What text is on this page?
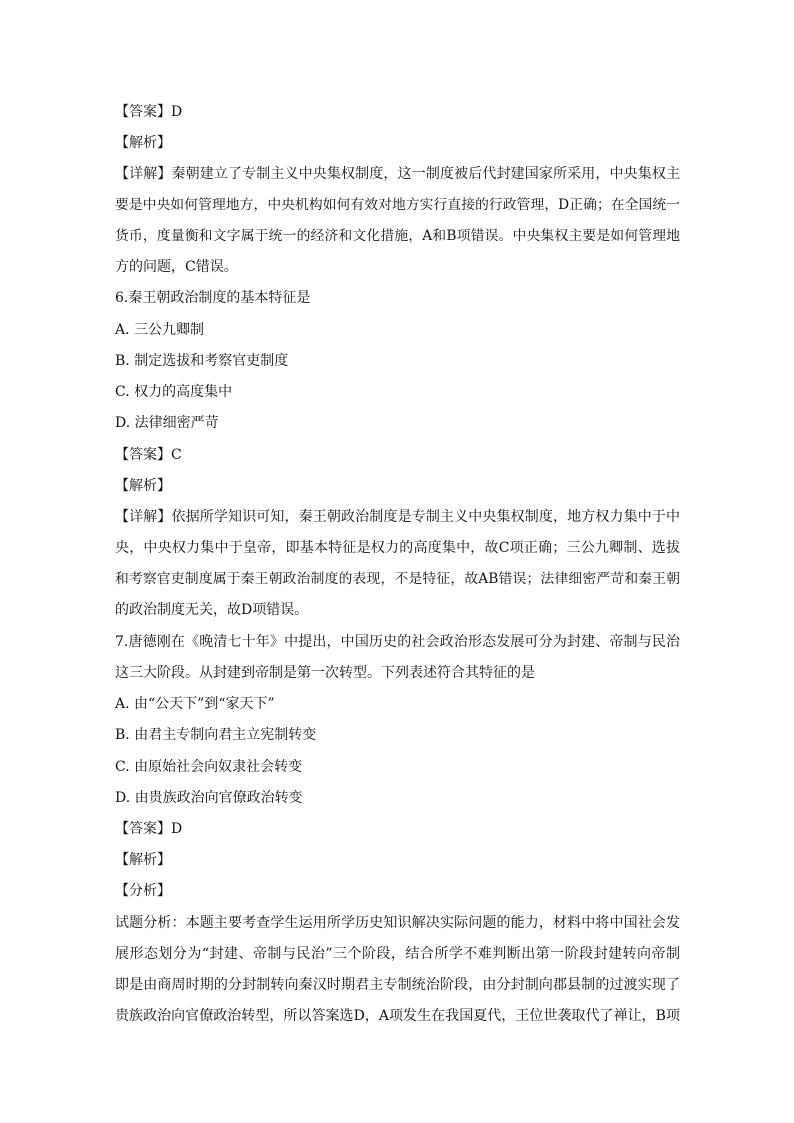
【答案】D
【解析】
【详解】秦朝建立了专制主义中央集权制度，这一制度被后代封建国家所采用，中央集权主
要是中央如何管理地方，中央机构如何有效对地方实行直接的行政管理，D正确；在全国统一
货币，度量衡和文字属于统一的经济和文化措施，A和B项错误。中央集权主要是如何管理地
方的问题，C错误。
6.秦王朝政治制度的基本特征是
A. 三公九卿制
B. 制定选拔和考察官吏制度
C. 权力的高度集中
D. 法律细密严苛
【答案】C
【解析】
【详解】依据所学知识可知，秦王朝政治制度是专制主义中央集权制度，地方权力集中于中
央，中央权力集中于皇帝，即基本特征是权力的高度集中，故C项正确；三公九卿制、选拔
和考察官吏制度属于秦王朝政治制度的表现，不是特征，故AB错误；法律细密严苛和秦王朝
的政治制度无关，故D项错误。
7.唐德刚在《晚清七十年》中提出，中国历史的社会政治形态发展可分为封建、帝制与民治
这三大阶段。从封建到帝制是第一次转型。下列表述符合其特征的是
A. 由“公天下”到“家天下”
B. 由君主专制向君主立宪制转变
C. 由原始社会向奴隶社会转变
D. 由贵族政治向官僚政治转变
【答案】D
【解析】
【分析】
试题分析：本题主要考查学生运用所学历史知识解决实际问题的能力，材料中将中国社会发
展形态划分为“封建、帝制与民治”三个阶段，结合所学不难判断出第一阶段封建转向帝制
即是由商周时期的分封制转向秦汉时期君主专制统治阶段，由分封制向郡县制的过渡实现了
贵族政治向官僚政治转型，所以答案选D，A项发生在我国夏代，王位世袭取代了禅让，B项
